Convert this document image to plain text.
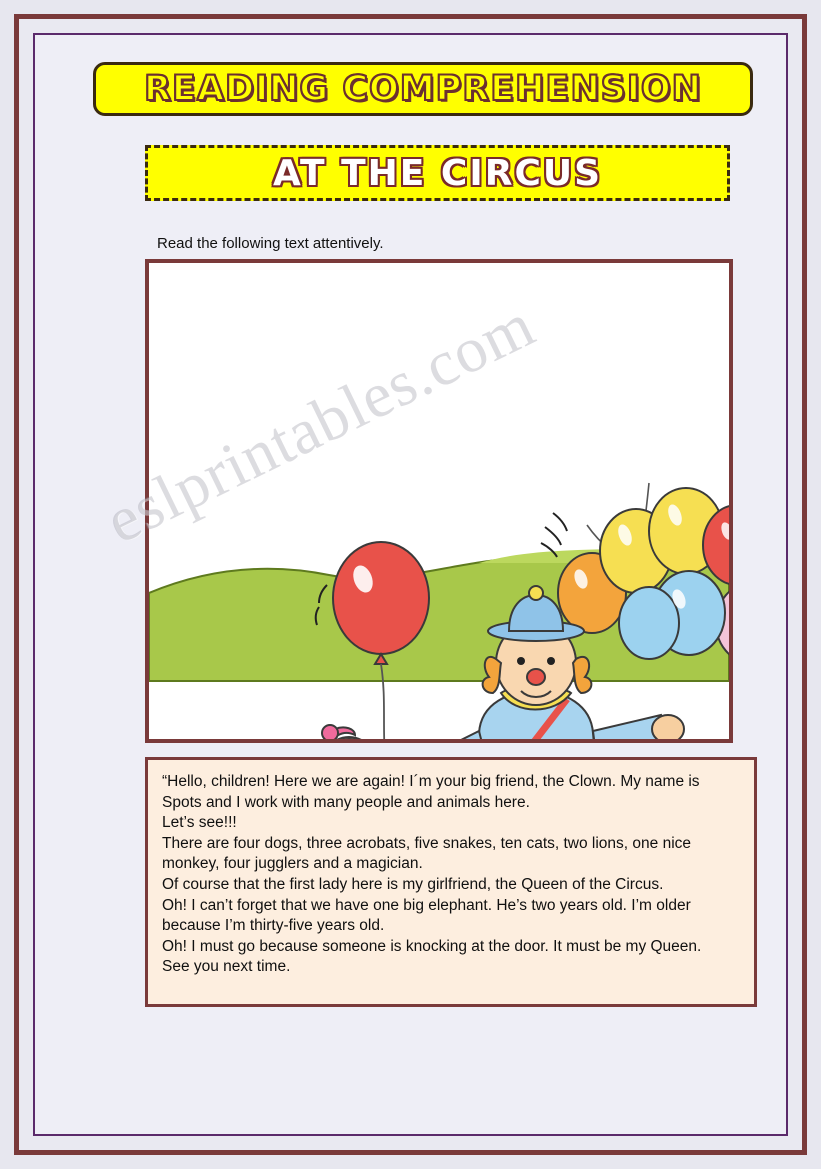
READING COMPREHENSION
AT THE CIRCUS
Read the following text attentively.
eslprintables.com

“Hello, children! Here we are again! I´m your big friend, the Clown. My name is Spots and I work with many people and animals here.

Let’s see!!!

There are four dogs, three acrobats, five snakes, ten cats, two lions, one nice monkey, four jugglers and a magician.

Of course that the first lady here is my girlfriend, the Queen of the Circus.

Oh! I can’t forget that we have one big elephant. He’s two years old. I’m older because I’m thirty-five years old.

Oh! I must go because someone is knocking at the door. It must be my Queen.

See you next time.
